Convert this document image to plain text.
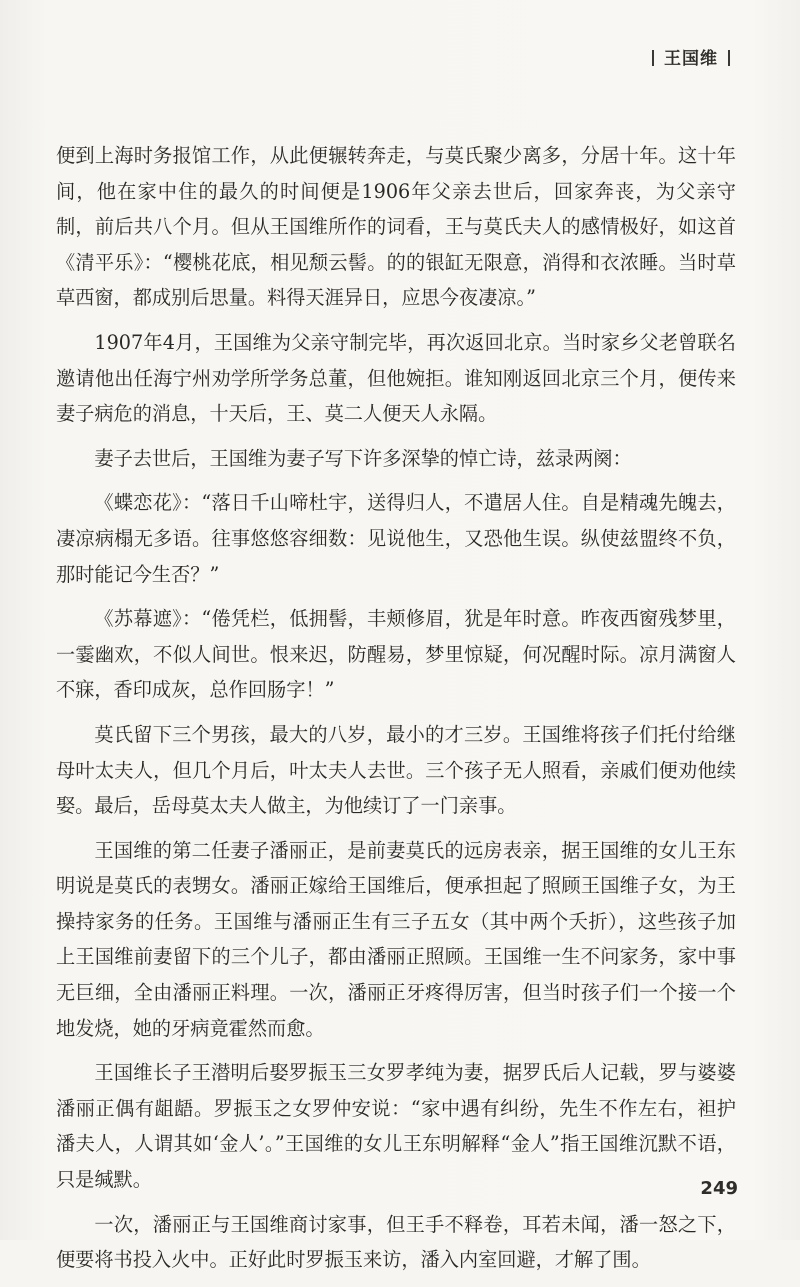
王国维

便到上海时务报馆工作，从此便辗转奔走，与莫氏聚少离多，分居十年。这十年间，他在家中住的最久的时间便是1906年父亲去世后，回家奔丧，为父亲守制，前后共八个月。但从王国维所作的词看，王与莫氏夫人的感情极好，如这首《清平乐》：“樱桃花底，相见颓云髻。的的银缸无限意，消得和衣浓睡。当时草草西窗，都成别后思量。料得天涯异日，应思今夜凄凉。”

1907年4月，王国维为父亲守制完毕，再次返回北京。当时家乡父老曾联名邀请他出任海宁州劝学所学务总董，但他婉拒。谁知刚返回北京三个月，便传来妻子病危的消息，十天后，王、莫二人便天人永隔。

妻子去世后，王国维为妻子写下许多深挚的悼亡诗，兹录两阕：

《蝶恋花》：“落日千山啼杜宇，送得归人，不遣居人住。自是精魂先魄去，凄凉病榻无多语。往事悠悠容细数：见说他生，又恐他生误。纵使兹盟终不负，那时能记今生否？”

《苏幕遮》：“倦凭栏，低拥髻，丰颊修眉，犹是年时意。昨夜西窗残梦里，一霎幽欢，不似人间世。恨来迟，防醒易，梦里惊疑，何况醒时际。凉月满窗人不寐，香印成灰，总作回肠字！”

莫氏留下三个男孩，最大的八岁，最小的才三岁。王国维将孩子们托付给继母叶太夫人，但几个月后，叶太夫人去世。三个孩子无人照看，亲戚们便劝他续娶。最后，岳母莫太夫人做主，为他续订了一门亲事。

王国维的第二任妻子潘丽正，是前妻莫氏的远房表亲，据王国维的女儿王东明说是莫氏的表甥女。潘丽正嫁给王国维后，便承担起了照顾王国维子女，为王操持家务的任务。王国维与潘丽正生有三子五女（其中两个夭折），这些孩子加上王国维前妻留下的三个儿子，都由潘丽正照顾。王国维一生不问家务，家中事无巨细，全由潘丽正料理。一次，潘丽正牙疼得厉害，但当时孩子们一个接一个地发烧，她的牙病竟霍然而愈。

王国维长子王潜明后娶罗振玉三女罗孝纯为妻，据罗氏后人记载，罗与婆婆潘丽正偶有龃龉。罗振玉之女罗仲安说：“家中遇有纠纷，先生不作左右，袒护潘夫人，人谓其如‘金人’。”王国维的女儿王东明解释“金人”指王国维沉默不语，只是缄默。

一次，潘丽正与王国维商讨家事，但王手不释卷，耳若未闻，潘一怒之下，便要将书投入火中。正好此时罗振玉来访，潘入内室回避，才解了围。

249
